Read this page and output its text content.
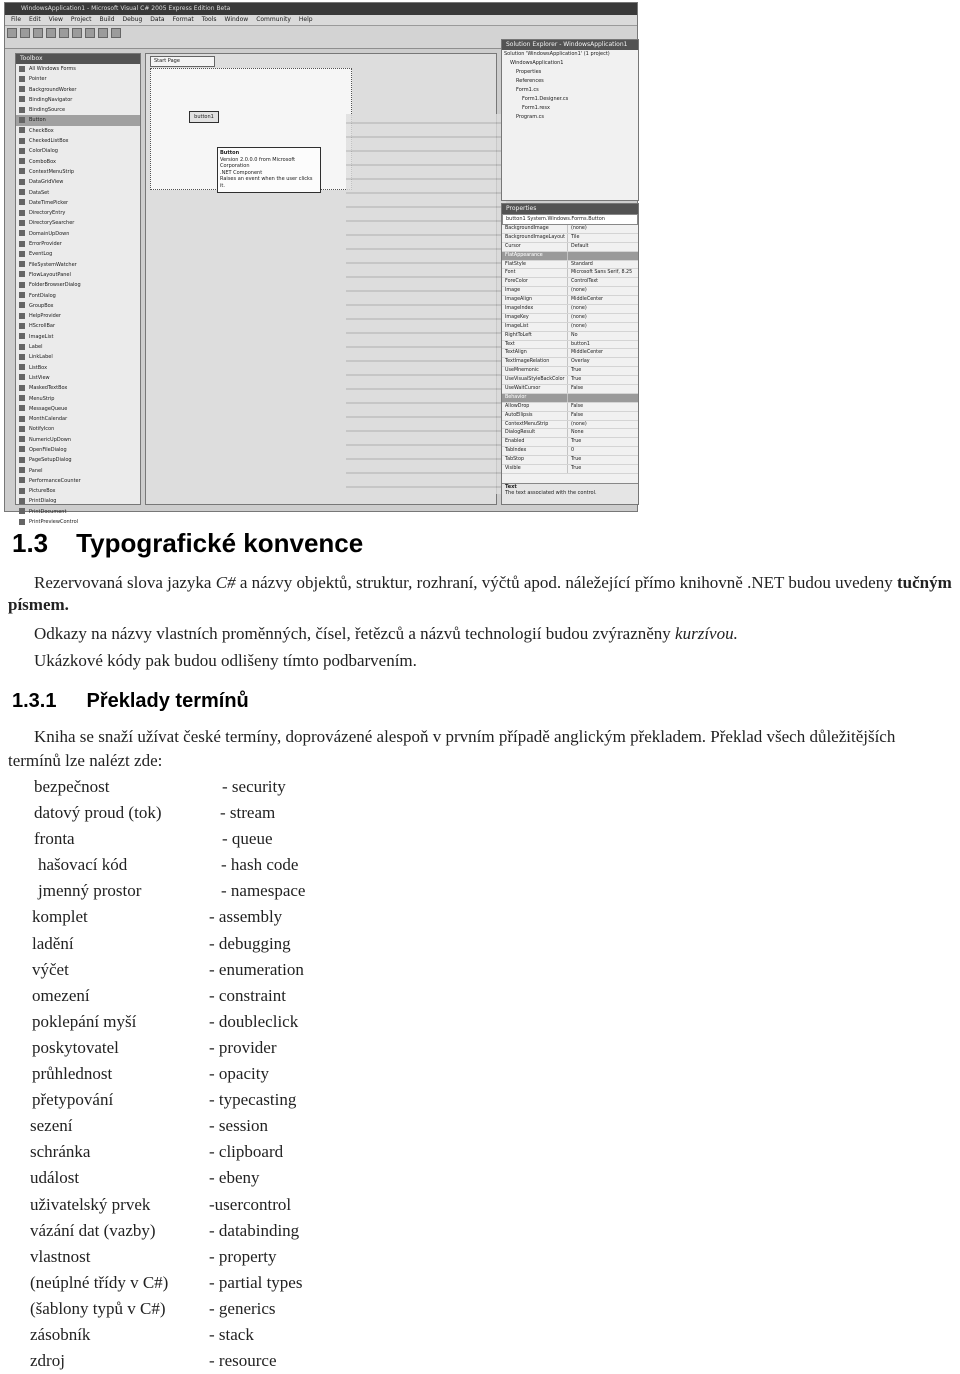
WindowsApplication1 - Microsoft Visual C# 2005 Express Edition Beta
File Edit View Project Build Debug Data Format Tools Window Community Help
Toolbox
All Windows Forms
Pointer
BackgroundWorker
BindingNavigator
BindingSource
Button
CheckBox
CheckedListBox
ColorDialog
ComboBox
ContextMenuStrip
DataGridView
DataSet
DateTimePicker
DirectoryEntry
DirectorySearcher
DomainUpDown
ErrorProvider
EventLog
FileSystemWatcher
FlowLayoutPanel
FolderBrowserDialog
FontDialog
GroupBox
HelpProvider
HScrollBar
ImageList
Label
LinkLabel
ListBox
ListView
MaskedTextBox
MenuStrip
MessageQueue
MonthCalendar
NotifyIcon
NumericUpDown
OpenFileDialog
PageSetupDialog
Panel
PerformanceCounter
PictureBox
PrintDialog
PrintDocument
PrintPreviewControl
Start Page
button1
Button
Version 2.0.0.0 from Microsoft Corporation
.NET Component
Raises an event when the user clicks it.
Solution Explorer - WindowsApplication1
Solution 'WindowsApplication1' (1 project)
WindowsApplication1
Properties
References
Form1.cs
Form1.Designer.cs
Form1.resx
Program.cs
Properties
button1 System.Windows.Forms.Button
BackgroundImage	(none)
BackgroundImageLayout	Tile
Cursor	Default
FlatAppearance
FlatStyle	Standard
Font	Microsoft Sans Serif, 8.25
ForeColor	ControlText
Image	(none)
ImageAlign	MiddleCenter
ImageIndex	(none)
ImageKey	(none)
ImageList	(none)
RightToLeft	No
Text	button1
TextAlign	MiddleCenter
TextImageRelation	Overlay
UseMnemonic	True
UseVisualStyleBackColor	True
UseWaitCursor	False
Behavior
AllowDrop	False
AutoEllipsis	False
ContextMenuStrip	(none)
DialogResult	None
Enabled	True
TabIndex	0
TabStop	True
Visible	True
Text
The text associated with the control.
1.3 Typografické konvence

Rezervovaná slova jazyka C# a názvy objektů, struktur, rozhraní, výčtů apod. náležející přímo knihovně .NET budou uvedeny tučným písmem.

Odkazy na názvy vlastních proměnných, čísel, řetězců a názvů technologií budou zvýrazněny kurzívou.

Ukázkové kódy pak budou odlišeny tímto podbarvením.

1.3.1 Překlady termínů

Kniha se snaží užívat české termíny, doprovázené alespoň v prvním případě anglickým překladem. Překlad všech důležitějších termínů lze nalézt zde:

bezpečnost	- security
datový proud (tok)	- stream
fronta	- queue
hašovací kód	- hash code
jmenný prostor	- namespace
komplet	- assembly
ladění	- debugging
výčet	- enumeration
omezení	- constraint
poklepání myší	- doubleclick
poskytovatel	- provider
průhlednost	- opacity
přetypování	- typecasting
sezení	- session
schránka	- clipboard
událost	- ebeny
uživatelský prvek	-usercontrol
vázání dat (vazby)	- databinding
vlastnost	- property
(neúplné třídy v C#) - partial types
(šablony typů v C#)	- generics
zásobník	- stack
zdroj	- resource
